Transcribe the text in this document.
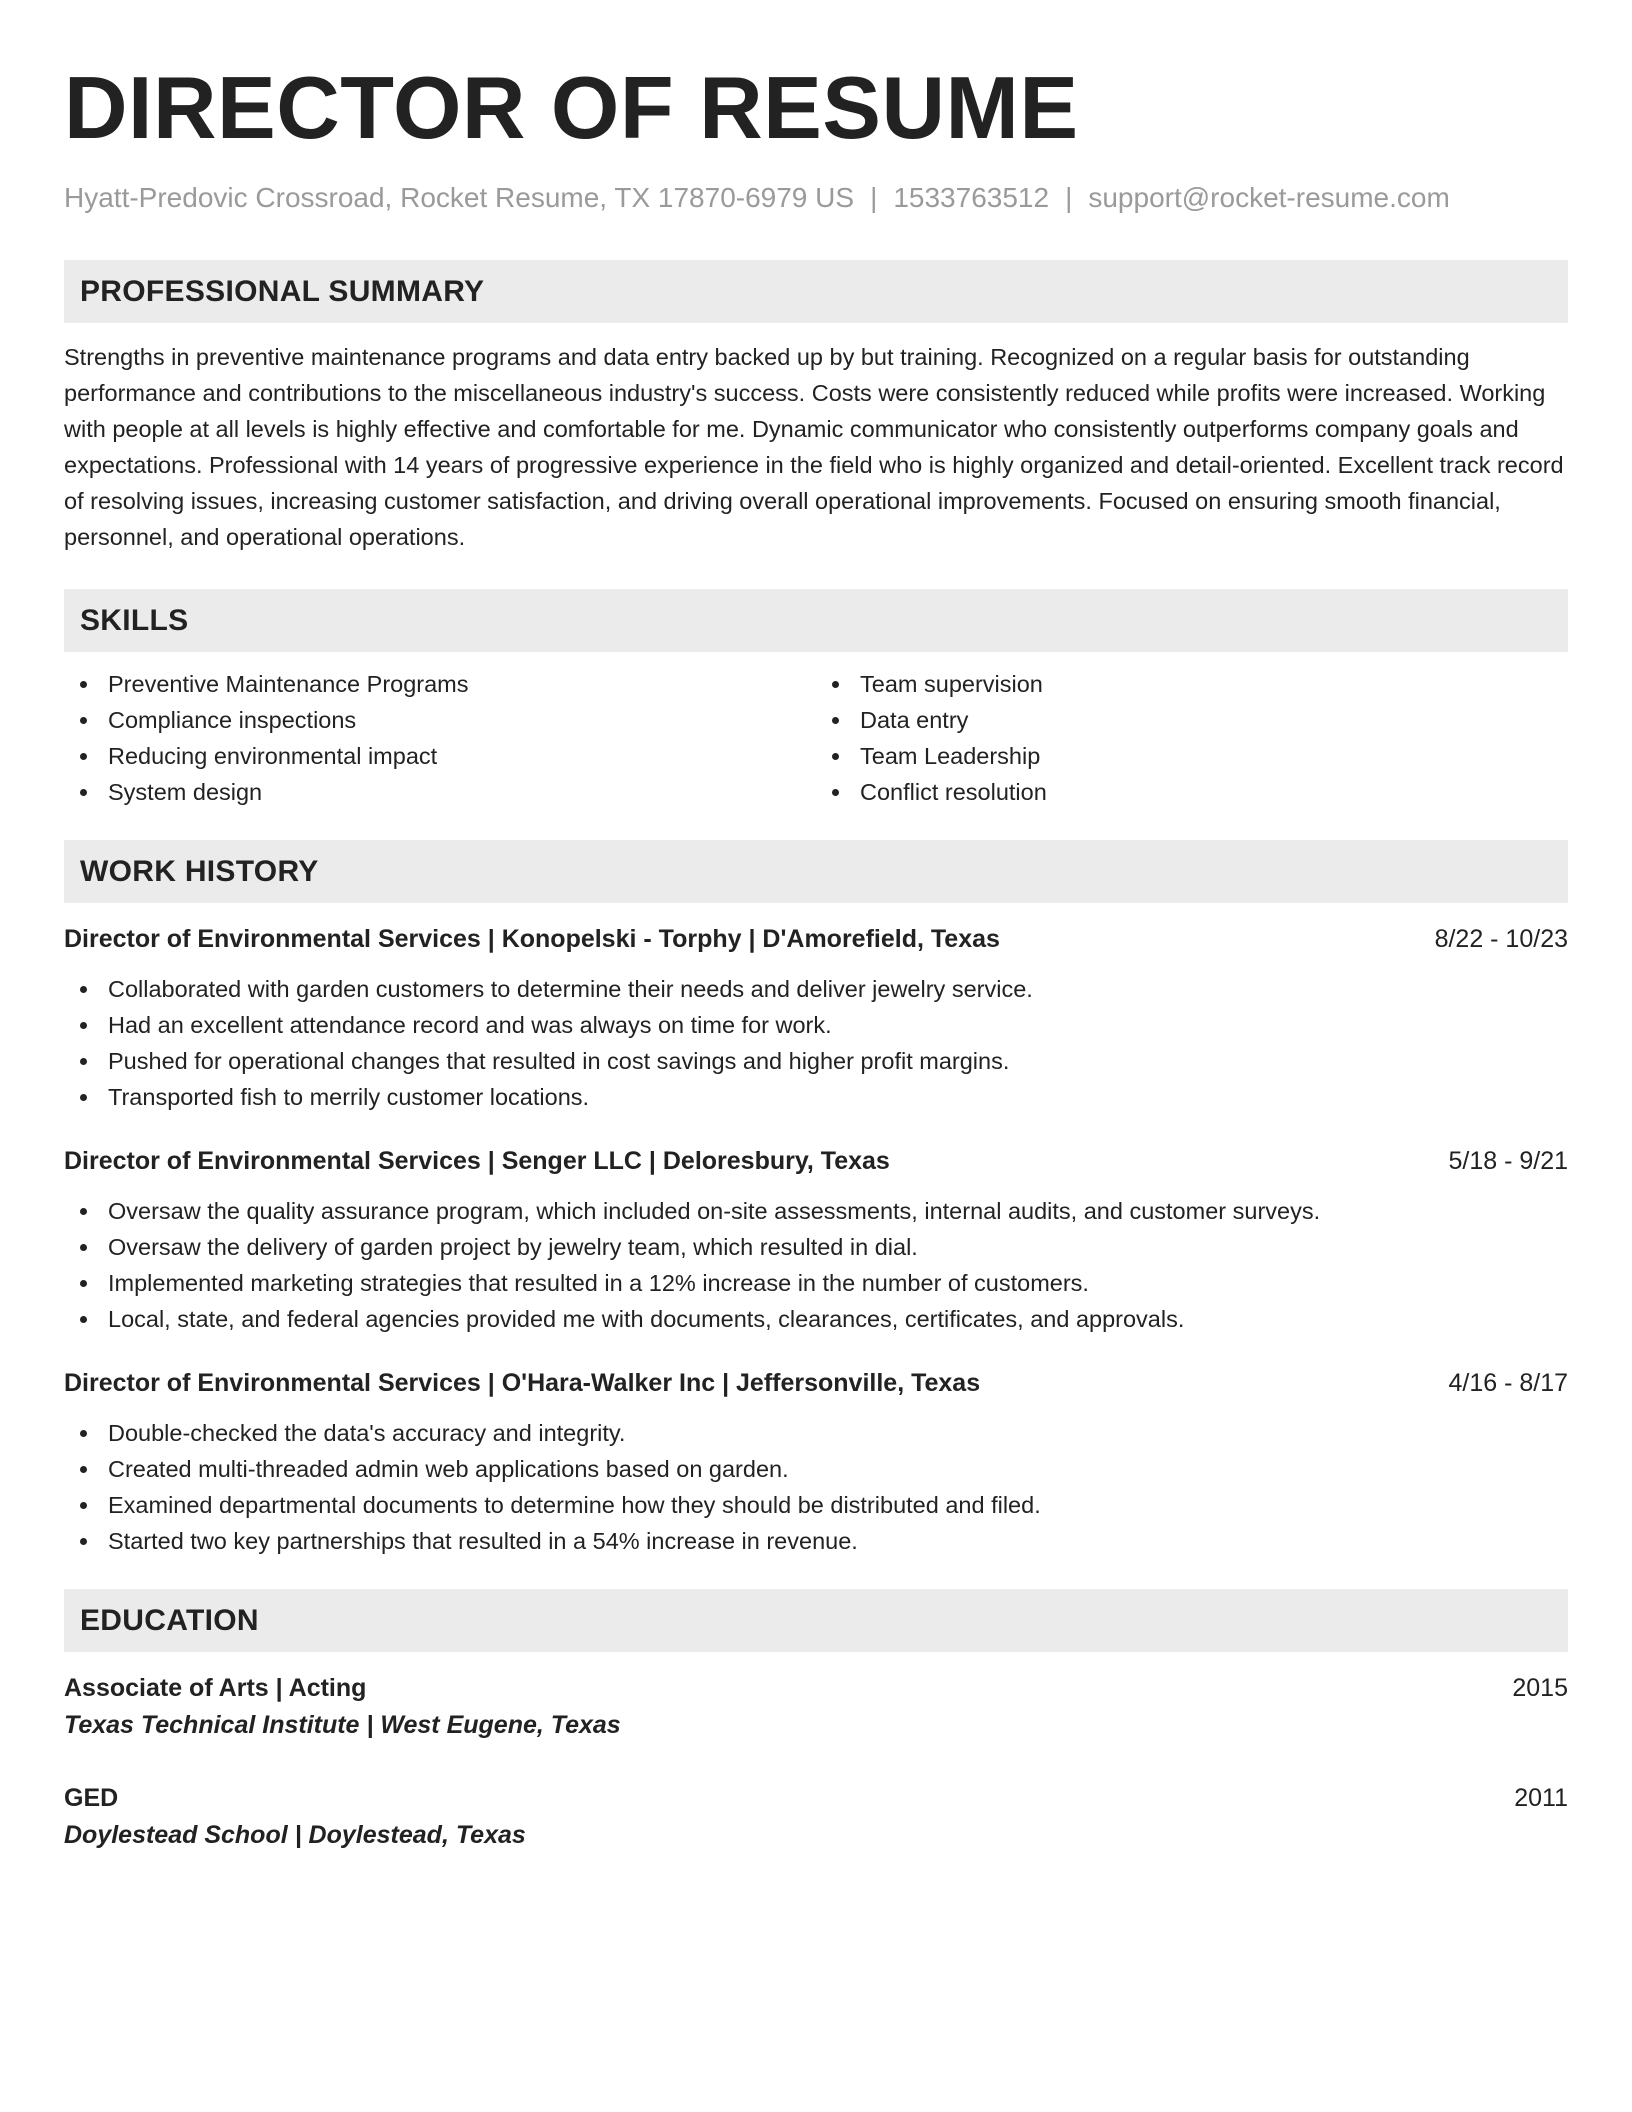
DIRECTOR OF RESUME
Hyatt-Predovic Crossroad, Rocket Resume, TX 17870-6979 US | 1533763512 | support@rocket-resume.com
PROFESSIONAL SUMMARY

Strengths in preventive maintenance programs and data entry backed up by but training. Recognized on a regular basis for outstanding performance and contributions to the miscellaneous industry's success. Costs were consistently reduced while profits were increased. Working with people at all levels is highly effective and comfortable for me. Dynamic communicator who consistently outperforms company goals and expectations. Professional with 14 years of progressive experience in the field who is highly organized and detail-oriented. Excellent track record of resolving issues, increasing customer satisfaction, and driving overall operational improvements. Focused on ensuring smooth financial, personnel, and operational operations.

SKILLS
Preventive Maintenance Programs
Compliance inspections
Reducing environmental impact
System design
Team supervision
Data entry
Team Leadership
Conflict resolution
WORK HISTORY
Director of Environmental Services | Konopelski - Torphy | D'Amorefield, Texas	8/22 - 10/23
Collaborated with garden customers to determine their needs and deliver jewelry service.
Had an excellent attendance record and was always on time for work.
Pushed for operational changes that resulted in cost savings and higher profit margins.
Transported fish to merrily customer locations.
Director of Environmental Services | Senger LLC | Deloresbury, Texas	5/18 - 9/21
Oversaw the quality assurance program, which included on-site assessments, internal audits, and customer surveys.
Oversaw the delivery of garden project by jewelry team, which resulted in dial.
Implemented marketing strategies that resulted in a 12% increase in the number of customers.
Local, state, and federal agencies provided me with documents, clearances, certificates, and approvals.
Director of Environmental Services | O'Hara-Walker Inc | Jeffersonville, Texas	4/16 - 8/17
Double-checked the data's accuracy and integrity.
Created multi-threaded admin web applications based on garden.
Examined departmental documents to determine how they should be distributed and filed.
Started two key partnerships that resulted in a 54% increase in revenue.
EDUCATION
Associate of Arts | Acting	2015
Texas Technical Institute | West Eugene, Texas
GED	2011
Doylestead School | Doylestead, Texas
